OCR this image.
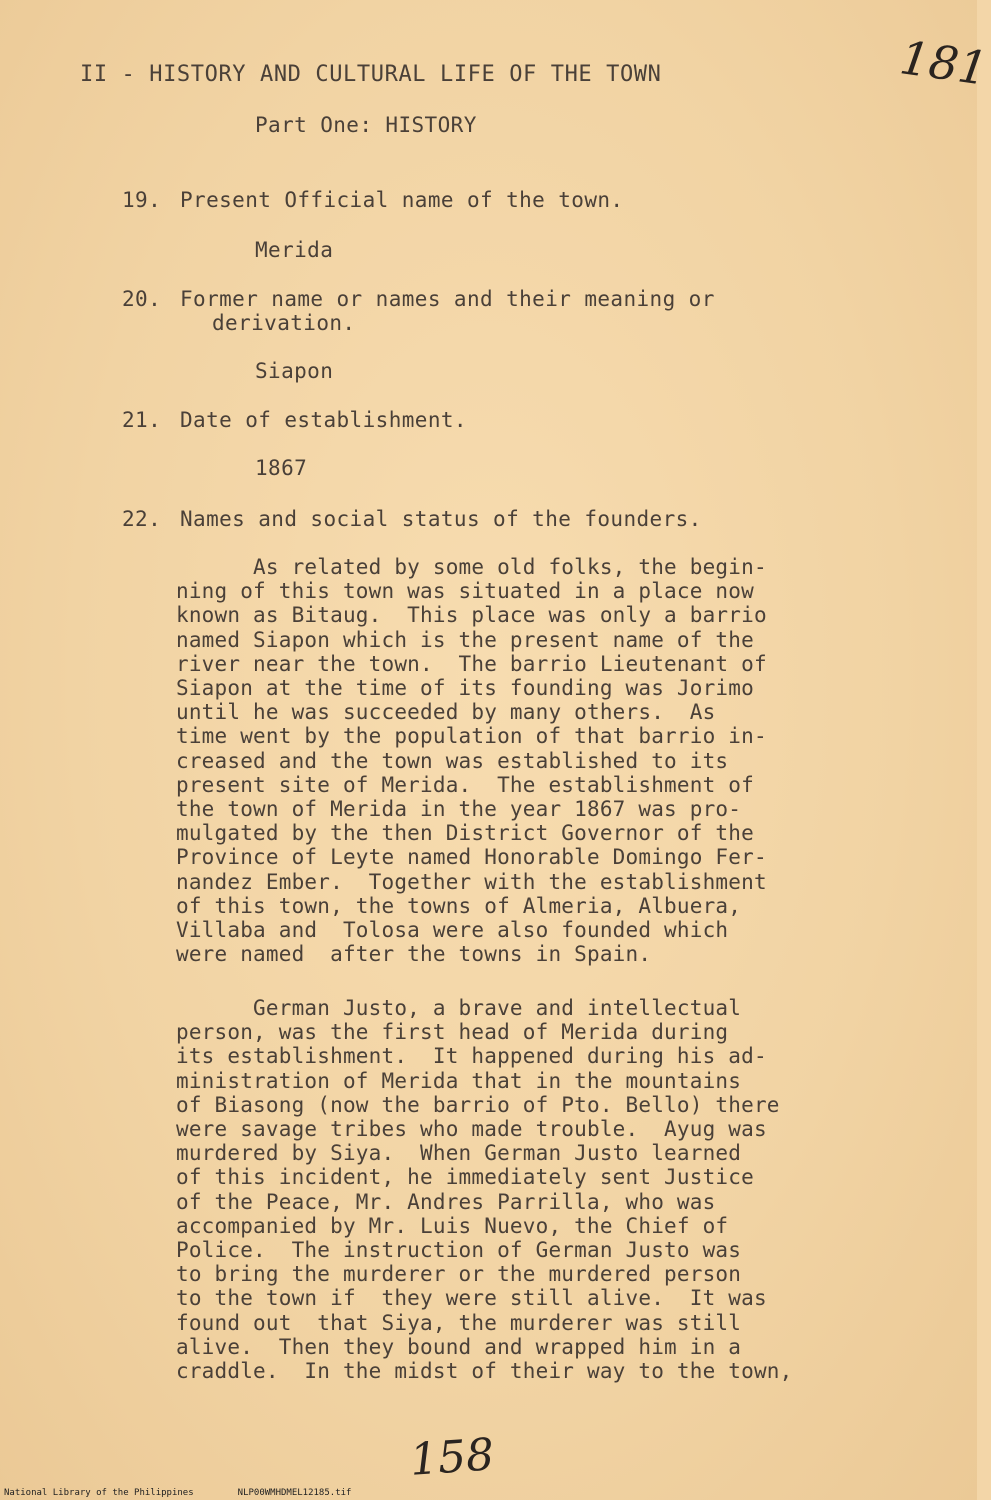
181
II - HISTORY AND CULTURAL LIFE OF THE TOWN
Part One: HISTORY
19. Present Official name of the town.
Merida
20. Former name or names and their meaning or
derivation.
Siapon
21. Date of establishment.
1867
22. Names and social status of the founders.
As related by some old folks, the begin-
ning of this town was situated in a place now
known as Bitaug.  This place was only a barrio
named Siapon which is the present name of the
river near the town.  The barrio Lieutenant of
Siapon at the time of its founding was Jorimo
until he was succeeded by many others.  As
time went by the population of that barrio in-
creased and the town was established to its
present site of Merida.  The establishment of
the town of Merida in the year 1867 was pro-
mulgated by the then District Governor of the
Province of Leyte named Honorable Domingo Fer-
nandez Ember.  Together with the establishment
of this town, the towns of Almeria, Albuera,
Villaba and  Tolosa were also founded which
were named  after the towns in Spain.
German Justo, a brave and intellectual
person, was the first head of Merida during
its establishment.  It happened during his ad-
ministration of Merida that in the mountains
of Biasong (now the barrio of Pto. Bello) there
were savage tribes who made trouble.  Ayug was
murdered by Siya.  When German Justo learned
of this incident, he immediately sent Justice
of the Peace, Mr. Andres Parrilla, who was
accompanied by Mr. Luis Nuevo, the Chief of
Police.  The instruction of German Justo was
to bring the murderer or the murdered person
to the town if  they were still alive.  It was
found out  that Siya, the murderer was still
alive.  Then they bound and wrapped him in a
craddle.  In the midst of their way to the town,
158
National Library of the Philippines	NLP00WMHDMEL12185.tif
